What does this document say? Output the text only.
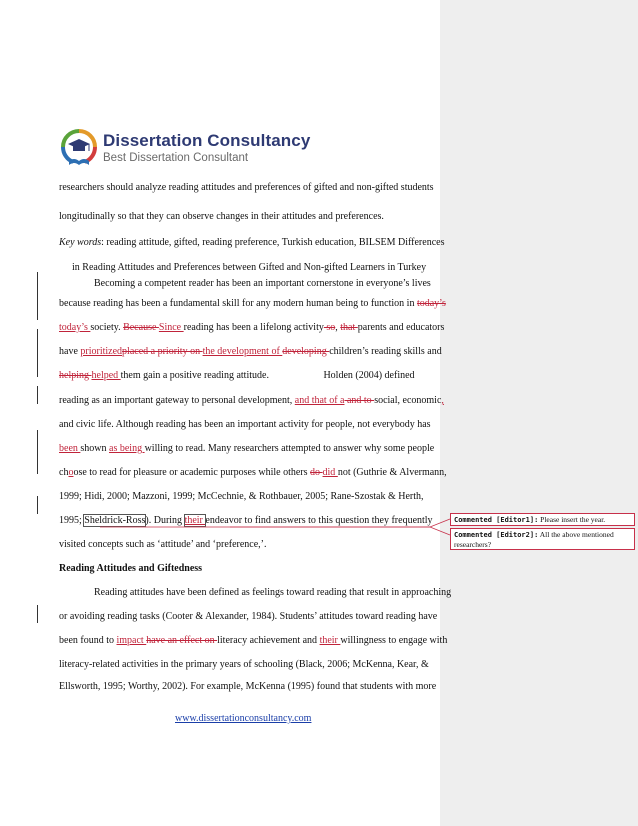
Dissertation Consultancy
Best Dissertation Consultant
researchers should analyze reading attitudes and preferences of gifted and non-gifted students
longitudinally so that they can observe changes in their attitudes and preferences.
Key words: reading attitude, gifted, reading preference, Turkish education, BILSEM Differences
in Reading Attitudes and Preferences between Gifted and Non-gifted Learners in Turkey
Becoming a competent reader has been an important cornerstone in everyone’s lives
because reading has been a fundamental skill for any modern human being to function in today’s
today’s society. Because Since reading has been a lifelong activity so, that parents and educators
have prioritizedplaced a priority on the development of developing children’s reading skills and
helping helped them gain a positive reading attitude.	Holden (2004) defined
reading as an important gateway to personal development, and that of a and to social, economic,
and civic life. Although reading has been an important activity for people, not everybody has
been shown as being willing to read. Many researchers attempted to answer why some people
choose to read for pleasure or academic purposes while others do did not (Guthrie & Alvermann,
1999; Hidi, 2000; Mazzoni, 1999; McCechnie, & Rothbauer, 2005; Rane-Szostak & Herth,
1995; Sheldrick-Ross). During their endeavor to find answers to this question they frequently
visited concepts such as ‘attitude’ and ‘preference,’.
Reading Attitudes and Giftedness
Reading attitudes have been defined as feelings toward reading that result in approaching
or avoiding reading tasks (Cooter & Alexander, 1984). Students’ attitudes toward reading have
been found to impact have an effect on literacy achievement and their willingness to engage with
literacy-related activities in the primary years of schooling (Black, 2006; McKenna, Kear, &
Ellsworth, 1995; Worthy, 2002). For example, McKenna (1995) found that students with more
www.dissertationconsultancy.com
Commented [Editor1]: Please insert the year.
Commented [Editor2]: All the above mentioned researchers?
